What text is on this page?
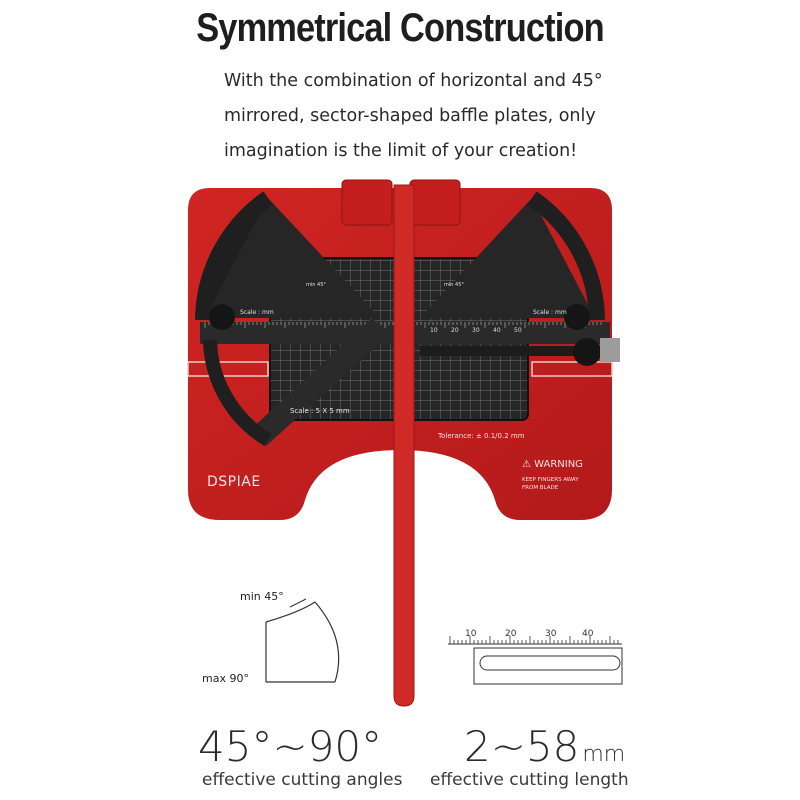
Symmetrical Construction
With the combination of horizontal and 45°
mirrored, sector-shaped baffle plates, only
imagination is the limit of your creation!
Scale : mm	Scale : mm
min 45°	min 45°
Scale : 5 X 5 mm
Tolerance: ± 0.1/0.2 mm
DSPIAE
⚠ WARNING
KEEP FINGERS AWAY
FROM BLADE
10 20 30 40 50
min 45°
max 90°
10	20	30	40
45°~90°
effective cutting angles
2~58 mm
effective cutting length
